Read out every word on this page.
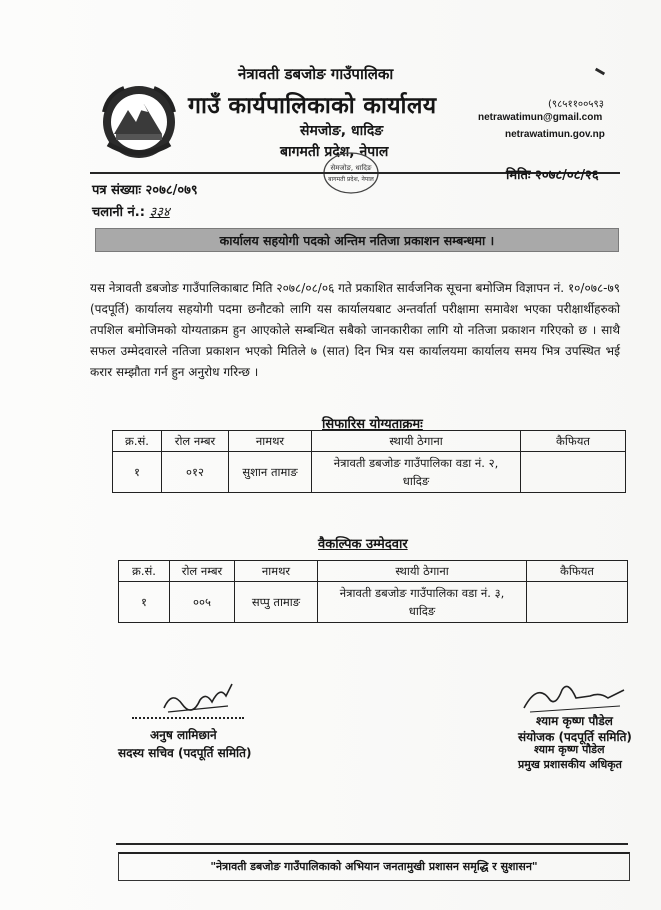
नेत्रावती डबजोङ गाउँपालिका
गाउँ कार्यपालिकाको कार्यालय
सेमजोङ, धादिङ
बागमती प्रदेश, नेपाल
(९८५११००५९३
netrawatimun@gmail.com
netrawatimun.gov.np
सेमजोङ, धादिङ
बागमती प्रदेश, नेपाल
पत्र संख्याः २०७८/०७९
चलानी नं.: ३३४
मितिः २०७८/०८/२६
कार्यालय सहयोगी पदको अन्तिम नतिजा प्रकाशन सम्बन्धमा ।
यस नेत्रावती डबजोङ गाउँपालिकाबाट मिति २०७८/०८/०६ गते प्रकाशित सार्वजनिक सूचना बमोजिम विज्ञापन नं. १०/०७८-७९ (पदपूर्ति) कार्यालय सहयोगी पदमा छनौटको लागि यस कार्यालयबाट अन्तर्वार्ता परीक्षामा समावेश भएका परीक्षार्थीहरुको तपशिल बमोजिमको योग्यताक्रम हुन आएकोले सम्बन्धित सबैको जानकारीका लागि यो नतिजा प्रकाशन गरिएको छ । साथै सफल उम्मेदवारले नतिजा प्रकाशन भएको मितिले ७ (सात) दिन भित्र यस कार्यालयमा कार्यालय समय भित्र उपस्थित भई करार सम्झौता गर्न हुन अनुरोध गरिन्छ ।
सिफारिस योग्यताक्रमः
क्र.सं.	रोल नम्बर	नामथर	स्थायी ठेगाना	कैफियत
१	०१२	सुशान तामाङ	नेत्रावती डबजोङ गाउँपालिका वडा नं. २,
धादिङ	

वैकल्पिक उम्मेदवार
क्र.सं.	रोल नम्बर	नामथर	स्थायी ठेगाना	कैफियत
१	००५	सप्पु तामाङ	नेत्रावती डबजोङ गाउँपालिका वडा नं. ३,
धादिङ	

अनुष लामिछाने
सदस्य सचिव (पदपूर्ति समिति)
श्याम कृष्ण पौडेल
संयोजक (पदपूर्ति समिति)
श्याम कृष्ण पौडेल
प्रमुख प्रशासकीय अधिकृत
"नेत्रावती डबजोङ गाउँपालिकाको अभियान जनतामुखी प्रशासन समृद्धि र सुशासन"
